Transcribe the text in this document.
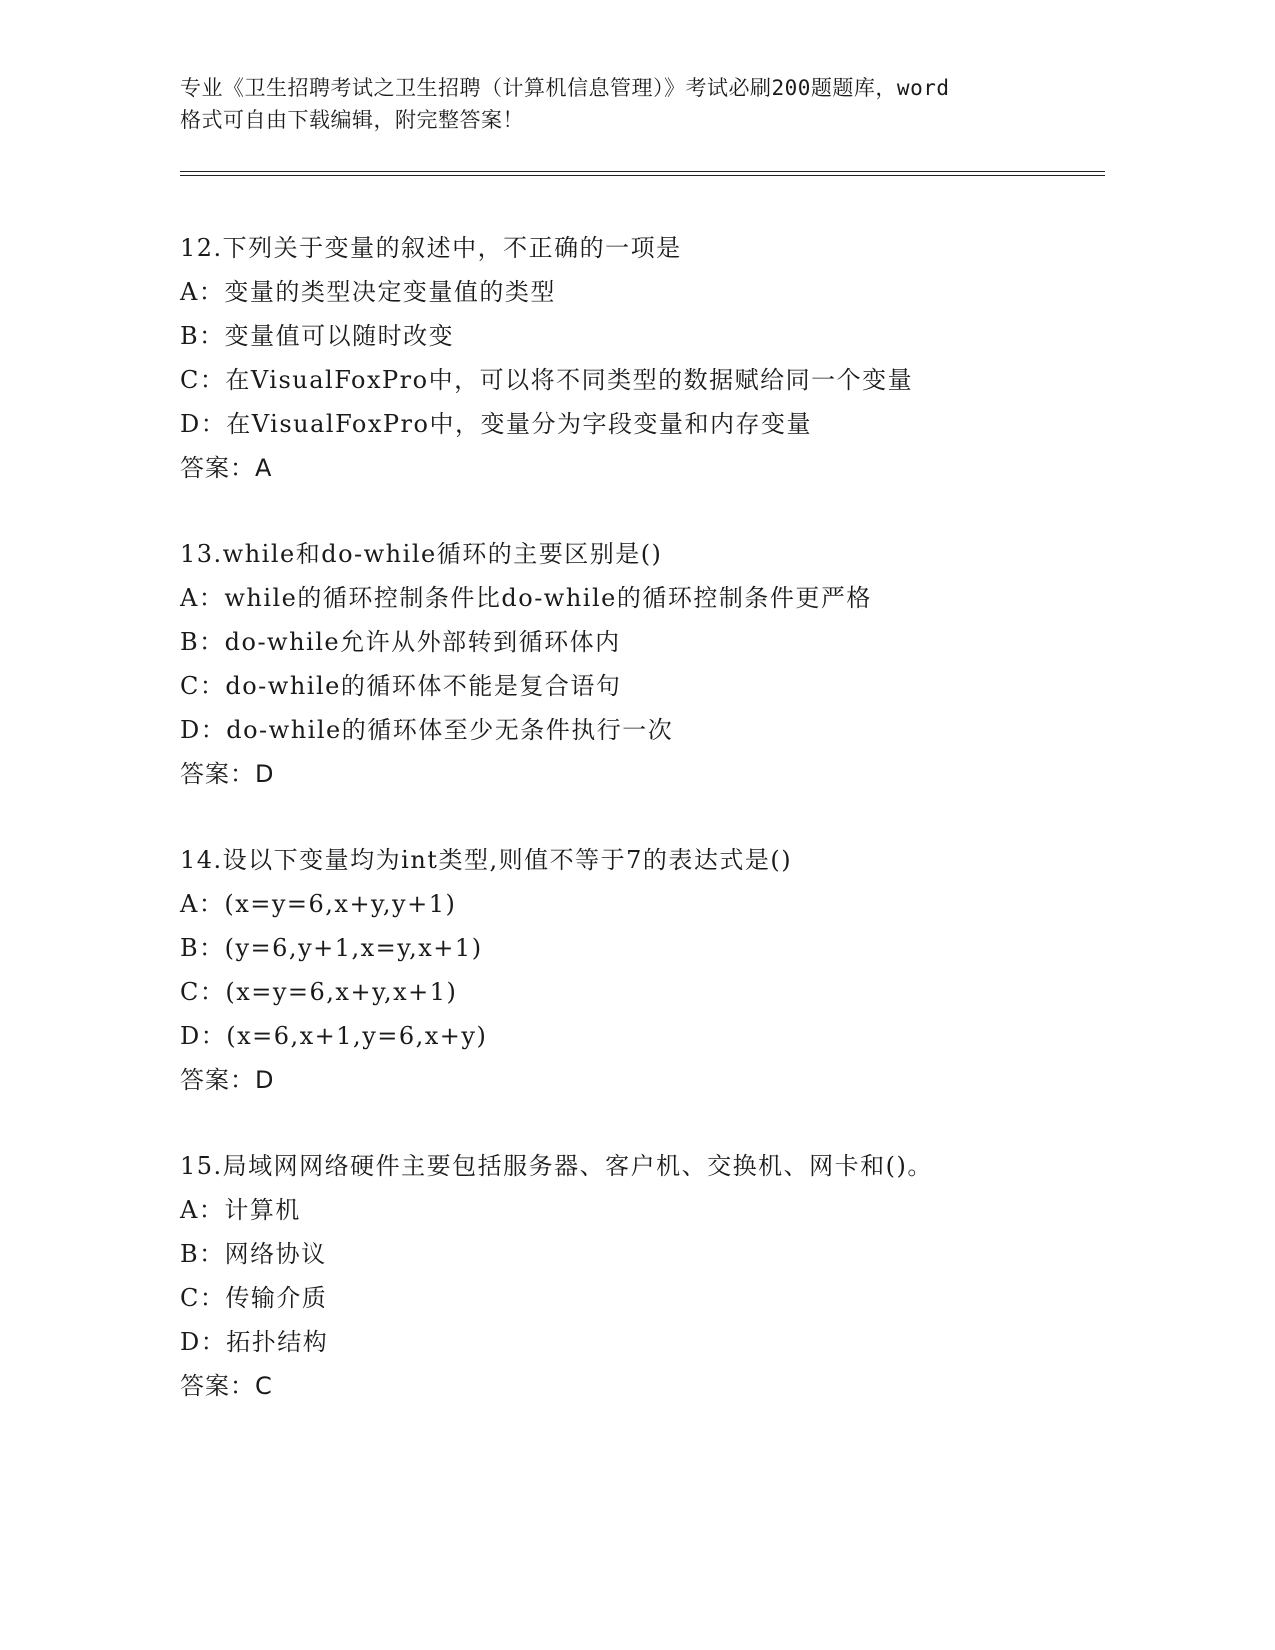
专业《卫生招聘考试之卫生招聘（计算机信息管理）》考试必刷200题题库，word
格式可自由下载编辑，附完整答案！
12.下列关于变量的叙述中，不正确的一项是
A：变量的类型决定变量值的类型
B：变量值可以随时改变
C：在VisualFoxPro中，可以将不同类型的数据赋给同一个变量
D：在VisualFoxPro中，变量分为字段变量和内存变量
答案：A
13.while和do-while循环的主要区别是()
A：while的循环控制条件比do-while的循环控制条件更严格
B：do-while允许从外部转到循环体内
C：do-while的循环体不能是复合语句
D：do-while的循环体至少无条件执行一次
答案：D
14.设以下变量均为int类型,则值不等于7的表达式是()
A：(x=y=6,x+y,y+1)
B：(y=6,y+1,x=y,x+1)
C：(x=y=6,x+y,x+1)
D：(x=6,x+1,y=6,x+y)
答案：D
15.局域网网络硬件主要包括服务器、客户机、交换机、网卡和()。
A：计算机
B：网络协议
C：传输介质
D：拓扑结构
答案：C
